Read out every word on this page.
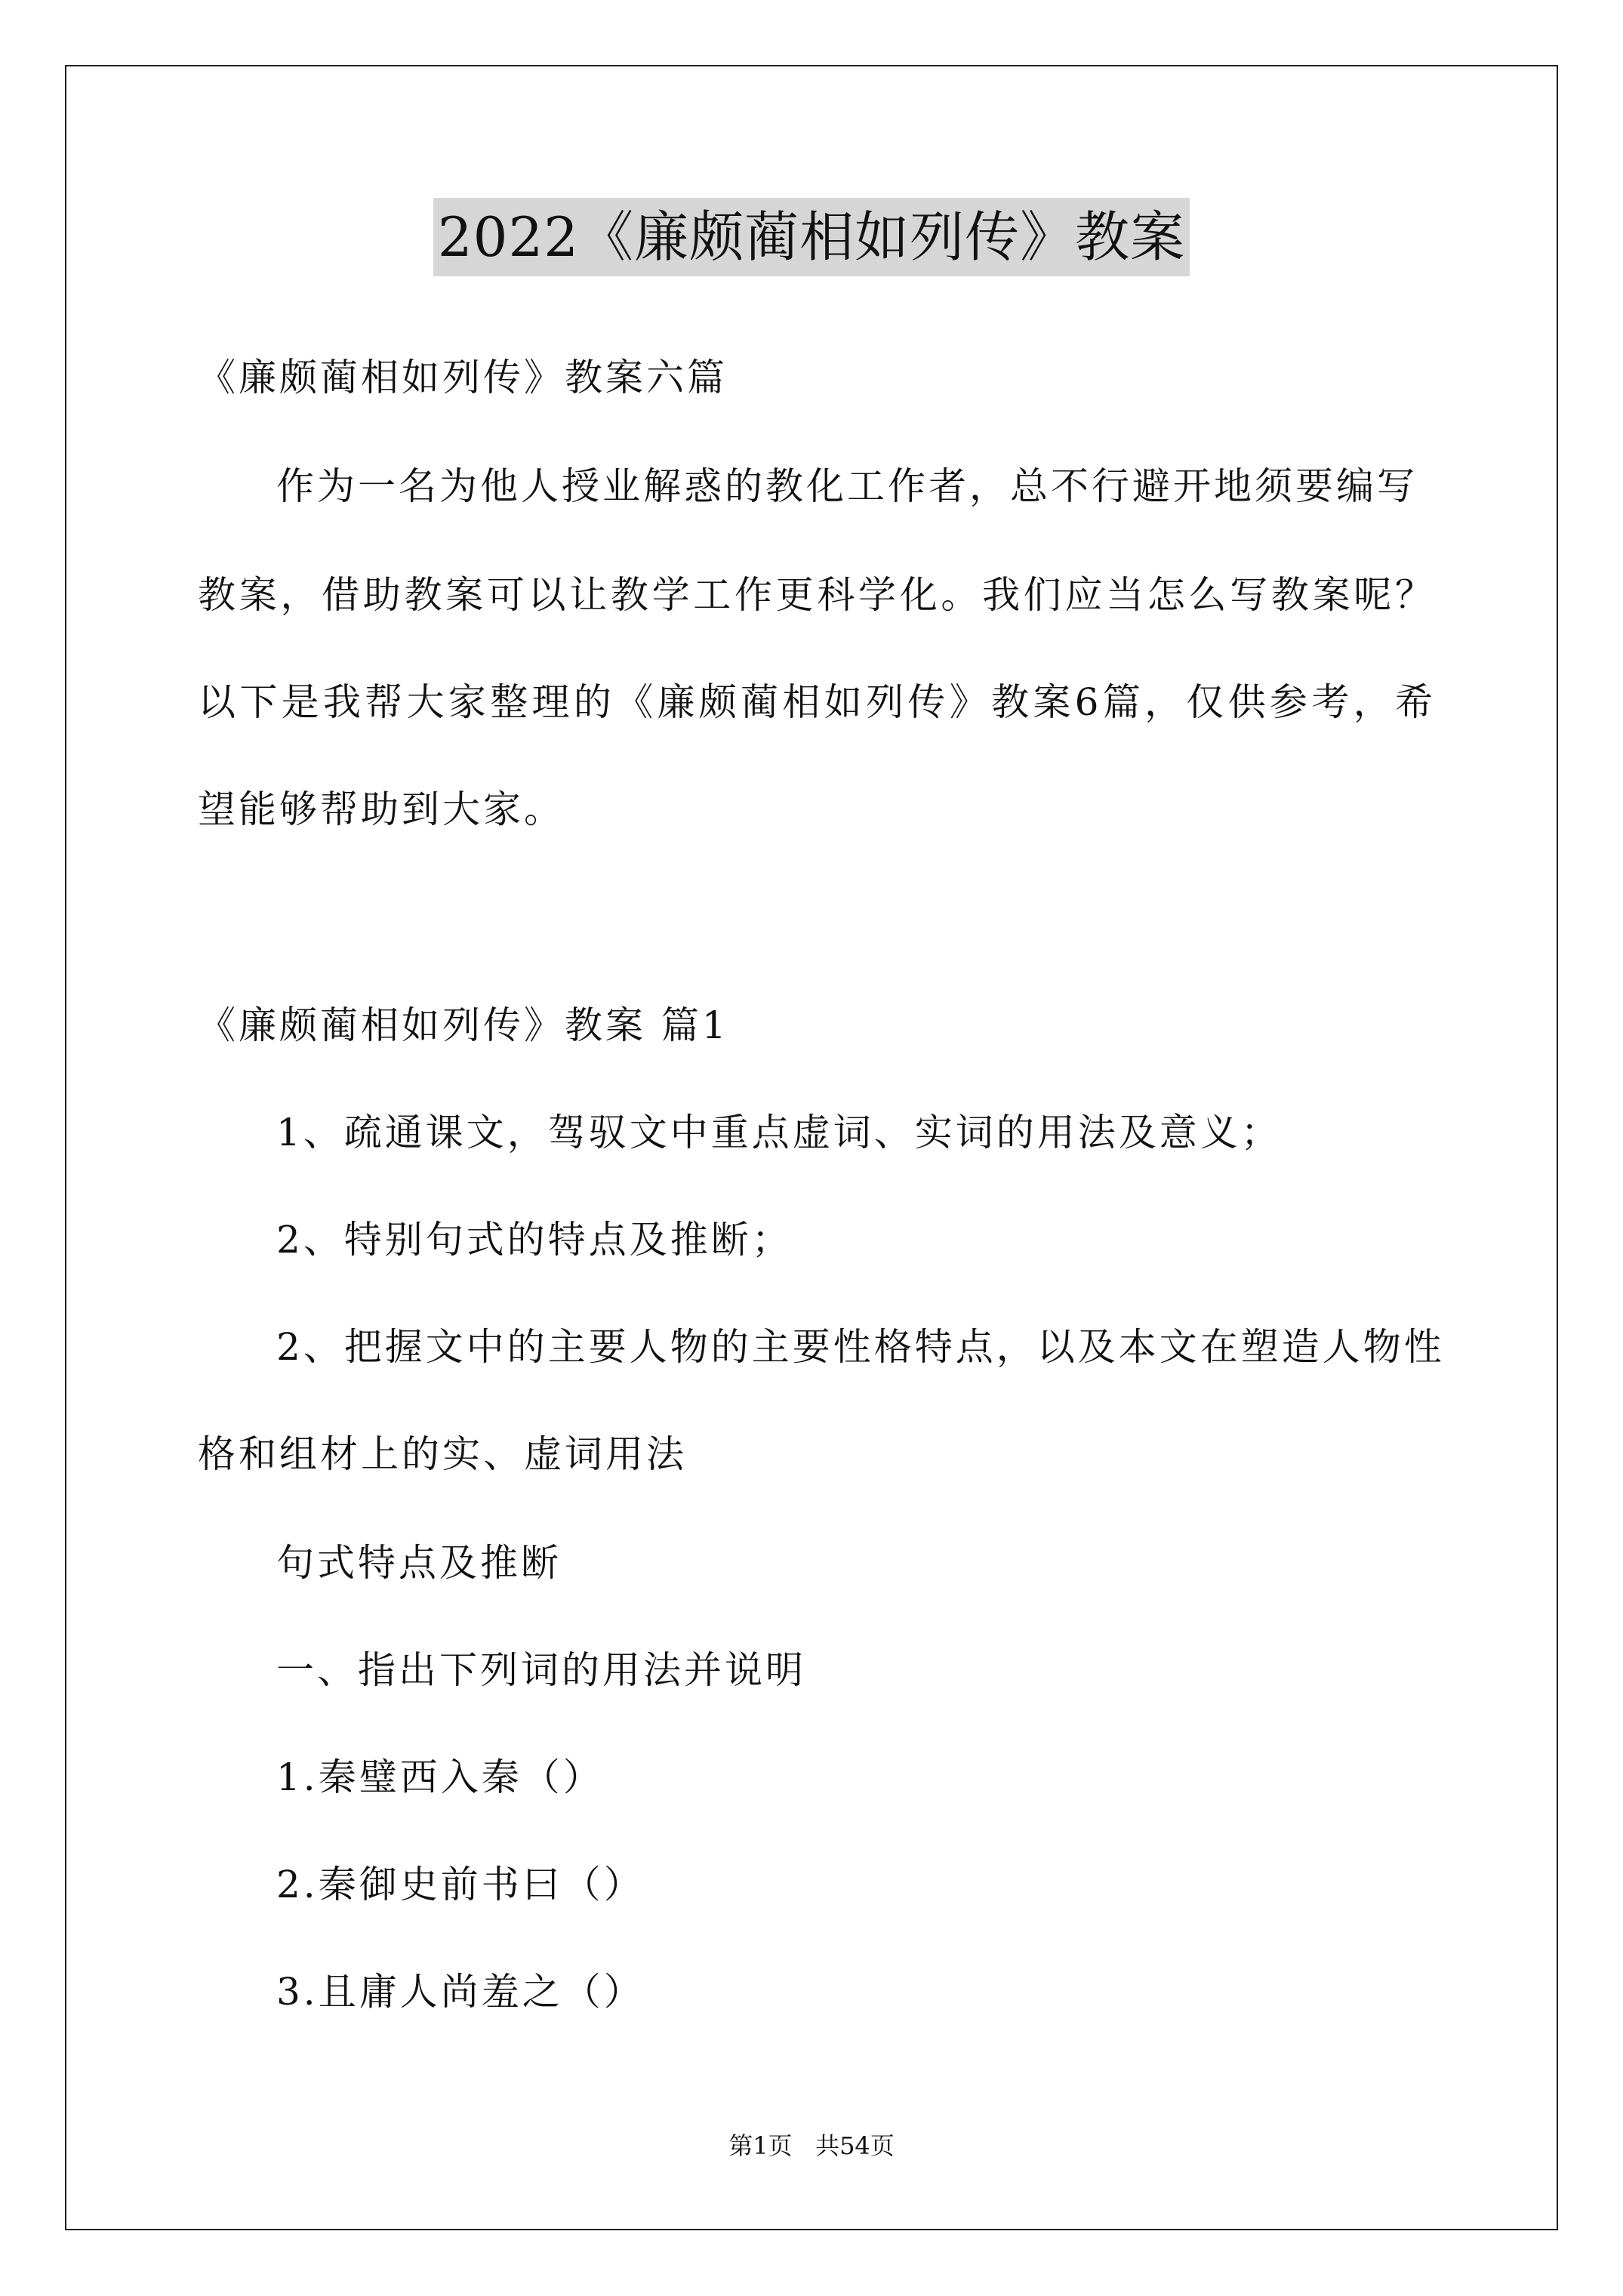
2022《廉颇蔺相如列传》教案
《廉颇蔺相如列传》教案六篇
作为一名为他人授业解惑的教化工作者，总不行避开地须要编写
教案，借助教案可以让教学工作更科学化。我们应当怎么写教案呢？
以下是我帮大家整理的《廉颇蔺相如列传》教案6篇，仅供参考，希
望能够帮助到大家。
《廉颇蔺相如列传》教案 篇1
1、疏通课文，驾驭文中重点虚词、实词的用法及意义；
2、特别句式的特点及推断；
2、把握文中的主要人物的主要性格特点，以及本文在塑造人物性
格和组材上的实、虚词用法
句式特点及推断
一、指出下列词的用法并说明
1.秦璧西入秦（）
2.秦御史前书曰（）
3.且庸人尚羞之（）
第1页   共54页
